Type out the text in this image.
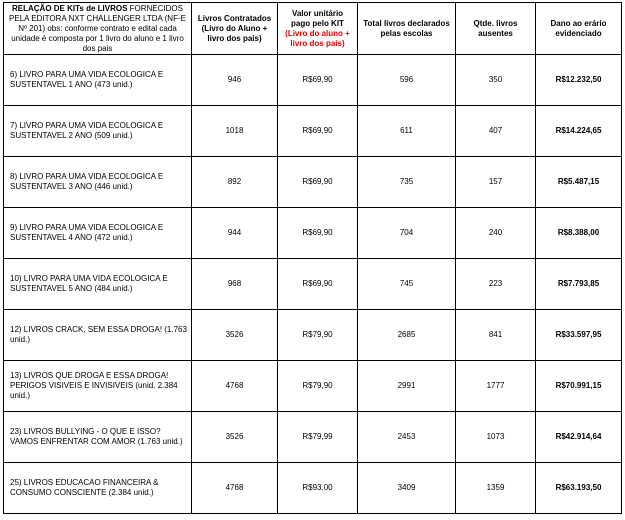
RELAÇÃO DE KITs de LIVROS FORNECIDOS PELA EDITORA NXT CHALLENGER LTDA (NF-E Nº 201) obs: conforme contrato e edital cada unidade é composta por 1 livro do aluno e 1 livro dos pais	Livros Contratados (Livro do Aluno + livro dos pais)	Valor unitário pago pelo KIT
(Livro do aluno + livro dos pais)	Total livros declarados pelas escolas	Qtde. livros ausentes	Dano ao erário evidenciado
6) LIVRO PARA UMA VIDA ECOLOGICA E SUSTENTAVEL 1 ANO (473 unid.)	946	R$69,90	596	350	R$12.232,50
7) LIVRO PARA UMA VIDA ECOLOGICA E SUSTENTAVEL 2 ANO (509 unid.)	1018	R$69,90	611	407	R$14.224,65
8) LIVRO PARA UMA VIDA ECOLOGICA E SUSTENTAVEL 3 ANO (446 unid.)	892	R$69,90	735	157	R$5.487,15
9) LIVRO PARA UMA VIDA ECOLOGICA E SUSTENTAVEL 4 ANO (472 unid.)	944	R$69,90	704	240	R$8.388,00
10) LIVRO PARA UMA VIDA ECOLOGICA E SUSTENTAVEL 5 ANO (484 unid.)	968	R$69,90	745	223	R$7.793,85
12) LIVROS CRACK, SEM ESSA DROGA! (1.763 unid.)	3526	R$79,90	2685	841	R$33.597,95
13) LIVROS QUE DROGA E ESSA DROGA! PERIGOS VISIVEIS E INVISIVEIS (unid. 2.384 unid.)	4768	R$79,90	2991	1777	R$70.991,15
23) LIVROS BULLYING - O QUE E ISSO? VAMOS ENFRENTAR COM AMOR (1.763 unid.)	3526	R$79,99	2453	1073	R$42.914,64
25) LIVROS EDUCACAO FINANCEIRA & CONSUMO CONSCIENTE (2.384 unid.)	4768	R$93,00	3409	1359	R$63.193,50
